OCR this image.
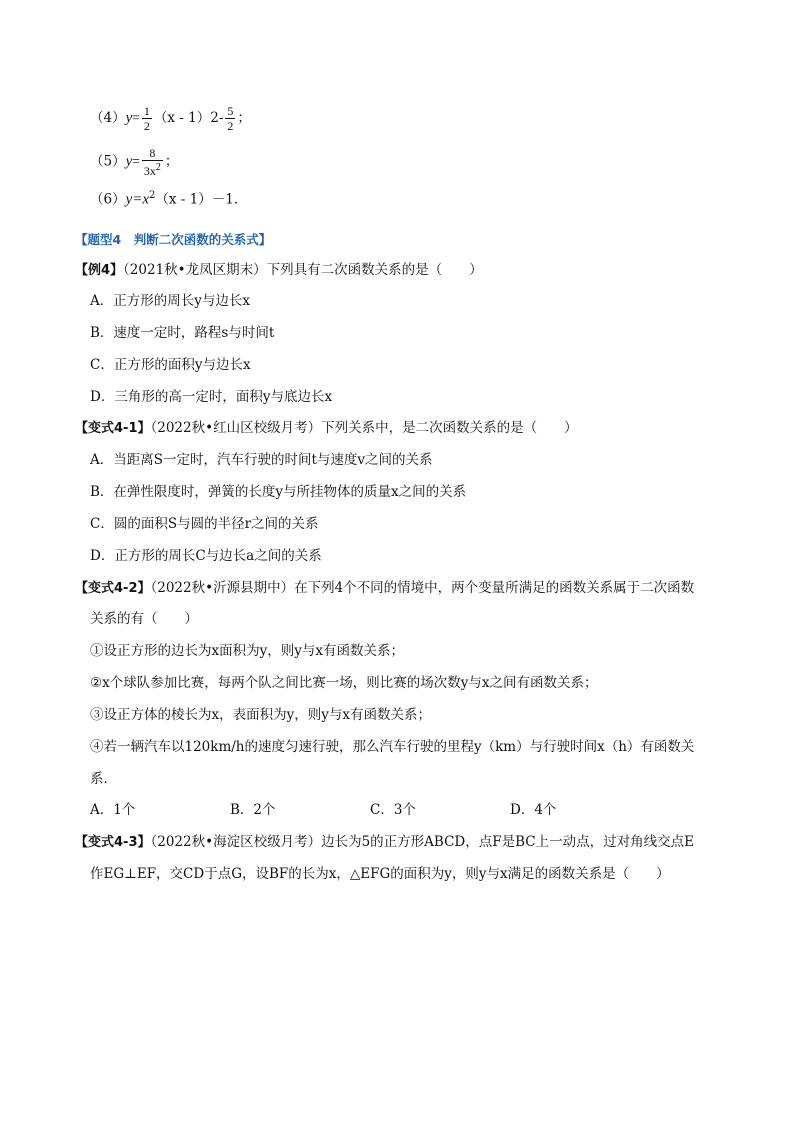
$(4)y= \frac{1}{2} (x - 1)2- \frac{5}{2}$ ；
$(5)y= \frac{8}{3x^2}$ ；
$(6)y=x^2(x - 1)-1$．
【题型4　判断二次函数的关系式】
【例4】（2021秋•龙凤区期末）下列具有二次函数关系的是（　　）
A．正方形的周长y与边长x
B．速度一定时，路程s与时间t
C．正方形的面积y与边长x
D．三角形的高一定时，面积y与底边长x
【变式4-1】（2022秋•红山区校级月考）下列关系中，是二次函数关系的是（　　）
A．当距离S一定时，汽车行驶的时间t与速度v之间的关系
B．在弹性限度时，弹簧的长度y与所挂物体的质量x之间的关系
C．圆的面积S与圆的半径r之间的关系
D．正方形的周长C与边长a之间的关系
【变式4-2】（2022秋•沂源县期中）在下列4个不同的情境中，两个变量所满足的函数关系属于二次函数
关系的有（　　）
①设正方形的边长为x面积为y，则y与x有函数关系；
②x个球队参加比赛，每两个队之间比赛一场，则比赛的场次数y与x之间有函数关系；
③设正方体的棱长为x，表面积为y，则y与x有函数关系；
④若一辆汽车以120km/h的速度匀速行驶，那么汽车行驶的里程y（km）与行驶时间x（h）有函数关
系．
A．1个	B．2个	C．3个	D．4个
【变式4-3】（2022秋•海淀区校级月考）边长为5的正方形ABCD，点F是BC上一动点，过对角线交点E
作EG⊥EF，交CD于点G，设BF的长为x，△EFG的面积为y，则y与x满足的函数关系是（　　）
